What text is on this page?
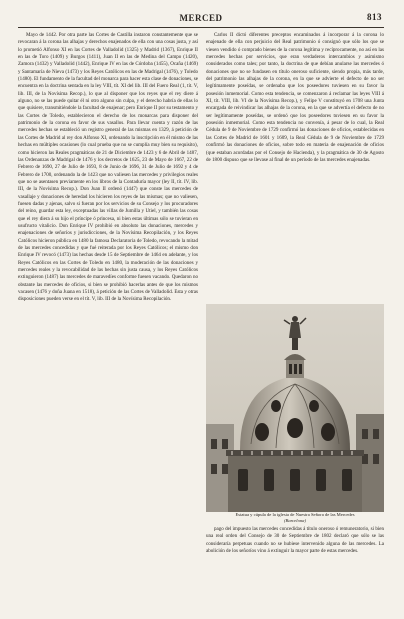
MERCED	813

Mayo de 1442. Por otra parte las Cortes de Castilla instaron constantemente que se revocaran á la corona las alhajas y derechos enajenados de ella con una cosas justa, y así lo prometió Alfonso XI en las Cortes de Valladolid (1325) y Madrid (1367), Enrique II en las de Toro (1409) y Burgos (1411), Juan II en las de Medina del Campo (1420), Zamora (1432) y Valladolid (1442), Enrique IV en las de Córdoba (1455), Ocaña (1469) y Santamaría de Nieva (1473) y los Reyes Católicos en las de Madrigal (1476), y Toledo (1480). El fundamento de la facultad del monarca para hacer esta clase de donaciones, se encuentra en la doctrina sentada en la ley VIII, tít. XI del lib. III del Fuero Real (1, tít. V, lib. III, de la Novísima Recop.), lo que al disponer que los reyes que el rey diere á alguno, no se las puede quitar él ni otro alguno sin culpa, y el derecho habría de ellas lo que quisiere, transmitiéndole la facultad de enajenar; pero Enrique II por su testamento y las Cortes de Toledo, establecieron el derecho de los monarcas para disponer del patrimonio de la corona en favor de sus vasallos. Para llevar cuenta y razón de las mercedes hechas se estableció un registro general de las mismas en 1329, á petición de las Cortes de Madrid al rey don Alfonso XI, ordenando la inscripción en él mismo de las hechas en múltiples ocasiones (lo cual prueba que no se cumplía muy bien su requisito), como hicieron las Reales pragmáticas de 21 de Diciembre de 1423 y 6 de Abril de 1487, las Ordenanzas de Madrigal de 1476 y los decretos de 1625, 23 de Mayo de 1667, 22 de Febrero de 1690, 27 de Julio de 1693, 8 de Junio de 1696, 31 de Julio de 1692 y 4 de Febrero de 1700, ordenando la de 1423 que no valiesen las mercedes y privilegios reales que no se asentasen previamente en los libros de la Contaduría mayor (ley II, tít. IV, lib. III, de la Novísima Recop.). Don Juan II ordenó (1447) que conste las mercedes de vasallaje y donaciones de heredad los hicieren los reyes de las mismas; que no valiesen, fuesen dadas y ajenas, salvo si fueran por los servicios de su Consejo y los procuradores del reino, guardar esta ley, exceptuadas las villas de Jumilla y Utiel, y también las cosas que el rey diera á su hijo el príncipe ó princesa, ni bien estas últimas sólo se tuvieran en usufructo vitalicio. Don Enrique IV prohibió en absoluto las donaciones, mercedes y enajenaciones de señoríos y jurisdicciones, de la Novísima Recopilación, y los Reyes Católicos hicieron pública en 1480 la famosa Declaratoria de Toledo, revocando la mitad de las mercedes concedidas y que fué reiterada por los Reyes Católicos; el mismo don Enrique IV revocó (1473) las hechas desde 15 de Septiembre de 1464 en adelante, y los Reyes Católicos en las Cortes de Toledo en 1480, la moderación de las donaciones y mercedes reales y la revocabilidad de las hechas sin justa causa, y los Reyes Católicos extinguieron (1487) las mercedes de maravedíes conforme fuesen vacando. Quedaron no obstante las mercedes de oficios, si bien se prohibió hacerlas antes de que los mismos vacasen (1476 y doña Juana en 1518), á petición de las Cortes de Valladolid. Esta y otras disposiciones pueden verse en el tít. V, lib. III de la Novísima Recopilación.

Carlos II dictó diferentes preceptos encaminados á incorporar á la corona lo enajenado de ella con perjuicio del Real patrimonio ó consignó que sólo los que se viesen vendido ó comprado bienes de la corona legítima y recíprocamente, no así en las mercedes hechas por servicios, que eran verdaderos intercambios y asimismo considerados como tales; por tanto, la doctrina de que debían anularse las mercedes ó donaciones que no se fundasen en título oneroso suficiente, siendo propia, más tarde, del patrimonio las alhajas de la corona, en la que se advierte el defecto de no ser legítimamente poseídas, se ordenaba que los poseedores tuviesen en su favor la posesión inmemorial. Como esta tendencia, se comenzaron á reclamar las leyes VIII á XI, tít. VIII, lib. VI de la Novísima Recop.), y Felipe V constituyó en 1708 una Junta encargada de reivindicar las alhajas de la corona, en la que se advertía el defecto de no ser legítimamente poseídas, se ordenó que los poseedores tuviesen en su favor la posesión inmemorial. Como esta tendencia no convenía, á pesar de lo cual, la Real Cédula de 9 de Noviembre de 1729 confirmó las donaciones de oficios, establecidas en las Cortes de Madrid de 1601 y 1609, la Real Cédula de 9 de Noviembre de 1729 confirmó las donaciones de oficios, sobre todo en materia de enajenación de oficios (que estaban acordadas por el Consejo de Hacienda), y la pragmática de 30 de Agosto de 1800 dispuso que se llevase al final de un período de las mercedes enajenadas.

Estatua y cúpula de la iglesia de Nuestra Señora de las Mercedes
(Barcelona)

pago del impuesto las mercedes concedidas á título oneroso ó remuneratorio, si bien una real orden del Consejo de 30 de Septiembre de 1802 declaró que sólo se las consideraría perpetuas cuando no se hubiese intervenido alguna de las mercedes. La abolición de los señoríos vino á extinguir la mayor parte de estas mercedes.
